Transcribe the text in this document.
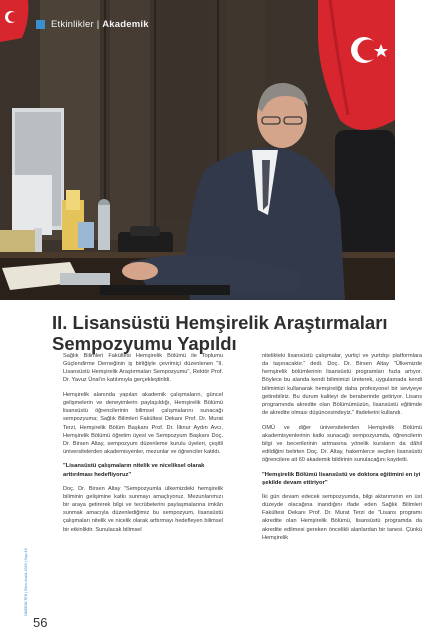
Etkinlikler | Akademik
II. Lisansüstü Hemşirelik Araştırmaları Sempozyumu Yapıldı

Sağlık Bilimleri Fakültesi Hemşirelik Bölümü ile Toplumu Güçlendirme Derneğinin iş birliğiyle çevrimiçi düzenlenen "II. Lisansüstü Hemşirelik Araştırmaları Sempozyumu", Rektör Prof. Dr. Yavuz Ünal'ın katılımıyla gerçekleştirildi.

Hemşirelik alanında yapılan akademik çalışmaların, güncel gelişmelerin ve deneyimlerin paylaşıldığı, Hemşirelik Bölümü lisansüstü öğrencilerinin bilimsel çalışmalarını sunacağı sempozyuma; Sağlık Bilimleri Fakültesi Dekanı Prof. Dr. Murat Terzi, Hemşirelik Bölüm Başkanı Prof. Dr. İlknur Aydın Avcı, Hemşirelik Bölümü öğretim üyesi ve Sempozyum Başkanı Doç. Dr. Birsen Altay, sempozyum düzenleme kurulu üyeleri, çeşitli üniversitelerden akademisyenler, mezunlar ve öğrenciler katıldı.

"Lisansüstü çalışmaların nitelik ve niceliksel olarak arttırılması hedefliyoruz"

Doç. Dr. Birsen Altay "Sempozyumla ülkemizdeki hemşirelik biliminin gelişimine katkı sunmayı amaçlıyoruz. Mezunlarımızı bir araya getirerek bilgi ve tecrübelerini paylaşmalarına imkân sunmak amacıyla düzenlediğimiz bu sempozyum, lisansüstü çalışmaları nitelik ve nicelik olarak arttırmayı hedefleyen bilimsel bir etkinliktir. Sunulacak bilimsel

nitelikteki lisansüstü çalışmalar, yurtiçi ve yurtdışı platformlara da taşınacaktır." dedi. Doç. Dr. Birsen Altay "Ülkemizde hemşirelik bölümlerinin lisansüstü programları hızla artıyor. Böylece bu alanda kendi bilimimizi üreterek, uygulamada kendi bilimimizi kullanarak hemşireliği daha profesyonel bir seviyeye getirebiliriz. Bu durum kaliteyi de beraberinde getiriyor. Lisans programında akredite olan Bölümümüzün, lisansüstü eğitimde de akredite olması düşüncesindeyiz." ifadelerini kullandı.

OMÜ ve diğer üniversitelerden Hemşirelik Bölümü akademisyenlerinin katkı sunacağı sempozyumda, öğrencilerin bilgi ve becerilerinin artmasına yönelik kursların da dâhil edildiğini belirten Doç. Dr. Altay, hakemlerce seçilen lisansüstü öğrencilere ait 60 akademik bildirinin sunulacağını kaydetti.

"Hemşirelik Bölümü lisansüstü ve doktora eğitimini en iyi şekilde devam ettiriyor"

İki gün devam edecek sempozyumda, bilgi aktarımının en üst düzeyde olacağına inandığını ifade eden Sağlık Bilimleri Fakültesi Dekanı Prof. Dr. Murat Terzi de "Lisans programı akredite olan Hemşirelik Bölümü, lisansüstü programda da akredite edilmesi gereken öncelikli alanlardan bir tanesi. Çünkü Hemşirelik

OMÜBÜLTEN | Ekim-Aralık 2020 | Sayı:16
56
